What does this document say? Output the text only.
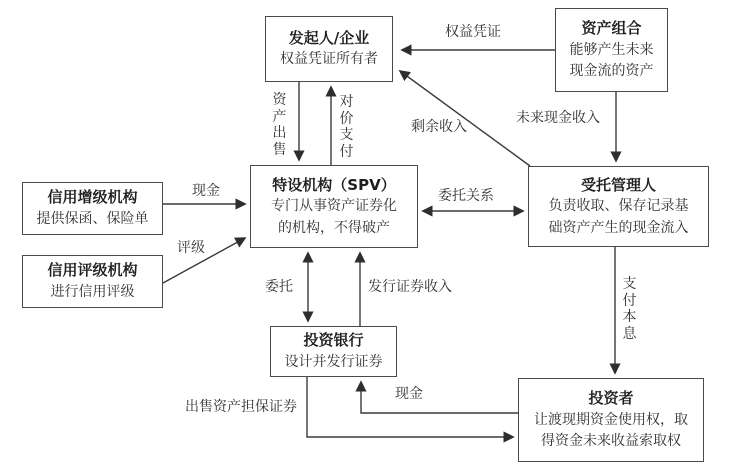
发起人/企业
权益凭证所有者
资产组合
能够产生未来
现金流的资产
信用增级机构
提供保函、保险单
信用评级机构
进行信用评级
特设机构（SPV）
专门从事资产证券化
的机构，不得破产
受托管理人
负责收取、保存记录基
础资产产生的现金流入
投资银行
设计并发行证券
投资者
让渡现期资金使用权，取
得资金未来收益索取权
资产出售
对价支付
权益凭证
剩余收入
未来现金收入
现金
评级
委托关系
委托	发行证券收入	支付本息
出售资产担保证券
现金
